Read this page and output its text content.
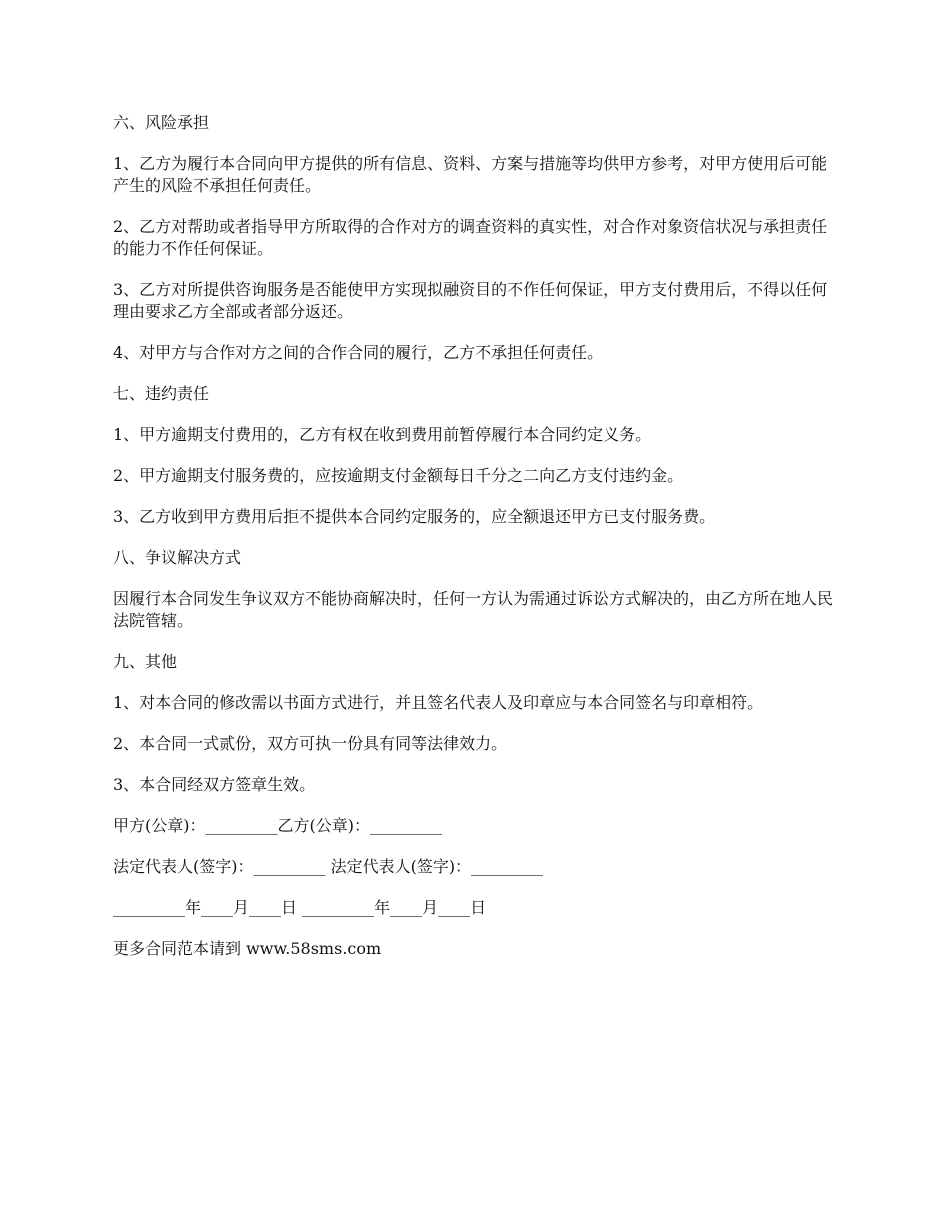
六、风险承担
1、乙方为履行本合同向甲方提供的所有信息、资料、方案与措施等均供甲方参考，对甲方使用后可能产生的风险不承担任何责任。
2、乙方对帮助或者指导甲方所取得的合作对方的调查资料的真实性，对合作对象资信状况与承担责任的能力不作任何保证。
3、乙方对所提供咨询服务是否能使甲方实现拟融资目的不作任何保证，甲方支付费用后，不得以任何理由要求乙方全部或者部分返还。
4、对甲方与合作对方之间的合作合同的履行，乙方不承担任何责任。
七、违约责任
1、甲方逾期支付费用的，乙方有权在收到费用前暂停履行本合同约定义务。
2、甲方逾期支付服务费的，应按逾期支付金额每日千分之二向乙方支付违约金。
3、乙方收到甲方费用后拒不提供本合同约定服务的，应全额退还甲方已支付服务费。
八、争议解决方式
因履行本合同发生争议双方不能协商解决时，任何一方认为需通过诉讼方式解决的，由乙方所在地人民法院管辖。
九、其他
1、对本合同的修改需以书面方式进行，并且签名代表人及印章应与本合同签名与印章相符。
2、本合同一式贰份，双方可执一份具有同等法律效力。
3、本合同经双方签章生效。
甲方(公章)：_________乙方(公章)：_________
法定代表人(签字)：_________ 法定代表人(签字)：_________
_________年____月____日 _________年____月____日
更多合同范本请到 www.58sms.com
